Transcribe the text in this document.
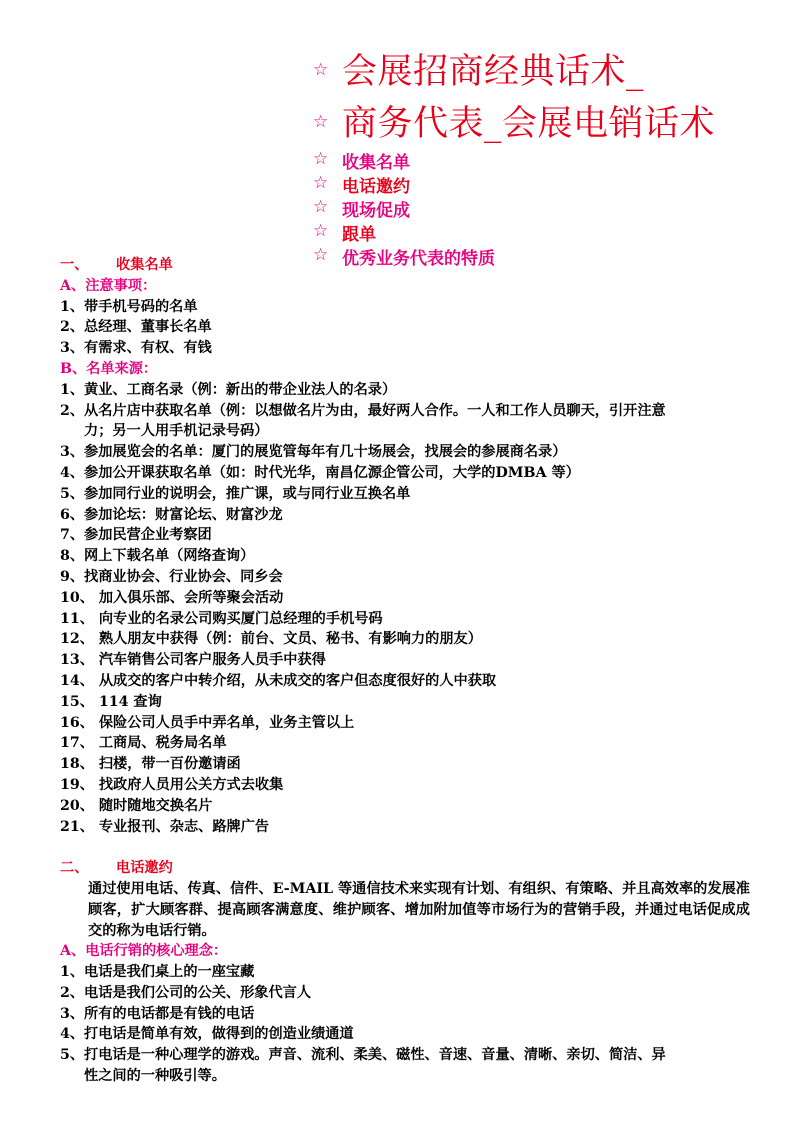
☆ 会展招商经典话术_
☆ 商务代表_会展电销话术
☆ 收集名单
☆ 电话邀约
☆ 现场促成
☆ 跟单
☆ 优秀业务代表的特质
一、 收集名单
A、注意事项：
1、带手机号码的名单
2、总经理、董事长名单
3、有需求、有权、有钱
B、名单来源：
1、黄业、工商名录（例：新出的带企业法人的名录）
2、从名片店中获取名单（例：以想做名片为由，最好两人合作。一人和工作人员聊天，引开注意
力；另一人用手机记录号码）
3、参加展览会的名单：厦门的展览管每年有几十场展会，找展会的参展商名录）
4、参加公开课获取名单（如：时代光华，南昌亿源企管公司，大学的DMBA 等）
5、参加同行业的说明会，推广课，或与同行业互换名单
6、参加论坛：财富论坛、财富沙龙
7、参加民营企业考察团
8、网上下载名单（网络查询）
9、找商业协会、行业协会、同乡会
10、 加入俱乐部、会所等聚会活动
11、 向专业的名录公司购买厦门总经理的手机号码
12、 熟人朋友中获得（例：前台、文员、秘书、有影响力的朋友）
13、 汽车销售公司客户服务人员手中获得
14、 从成交的客户中转介绍，从未成交的客户但态度很好的人中获取
15、 114 查询
16、 保险公司人员手中弄名单，业务主管以上
17、 工商局、税务局名单
18、 扫楼，带一百份邀请函
19、 找政府人员用公关方式去收集
20、 随时随地交换名片
21、 专业报刊、杂志、路牌广告
二、 电话邀约
通过使用电话、传真、信件、E-MAIL 等通信技术来实现有计划、有组织、有策略、并且高效率的发展准顾客，扩大顾客群、提高顾客满意度、维护顾客、增加附加值等市场行为的营销手段，并通过电话促成成交的称为电话行销。
A、电话行销的核心理念：
1、电话是我们桌上的一座宝藏
2、电话是我们公司的公关、形象代言人
3、所有的电话都是有钱的电话
4、打电话是简单有效，做得到的创造业绩通道
5、打电话是一种心理学的游戏。声音、流利、柔美、磁性、音速、音量、清晰、亲切、简洁、异
性之间的一种吸引等。
